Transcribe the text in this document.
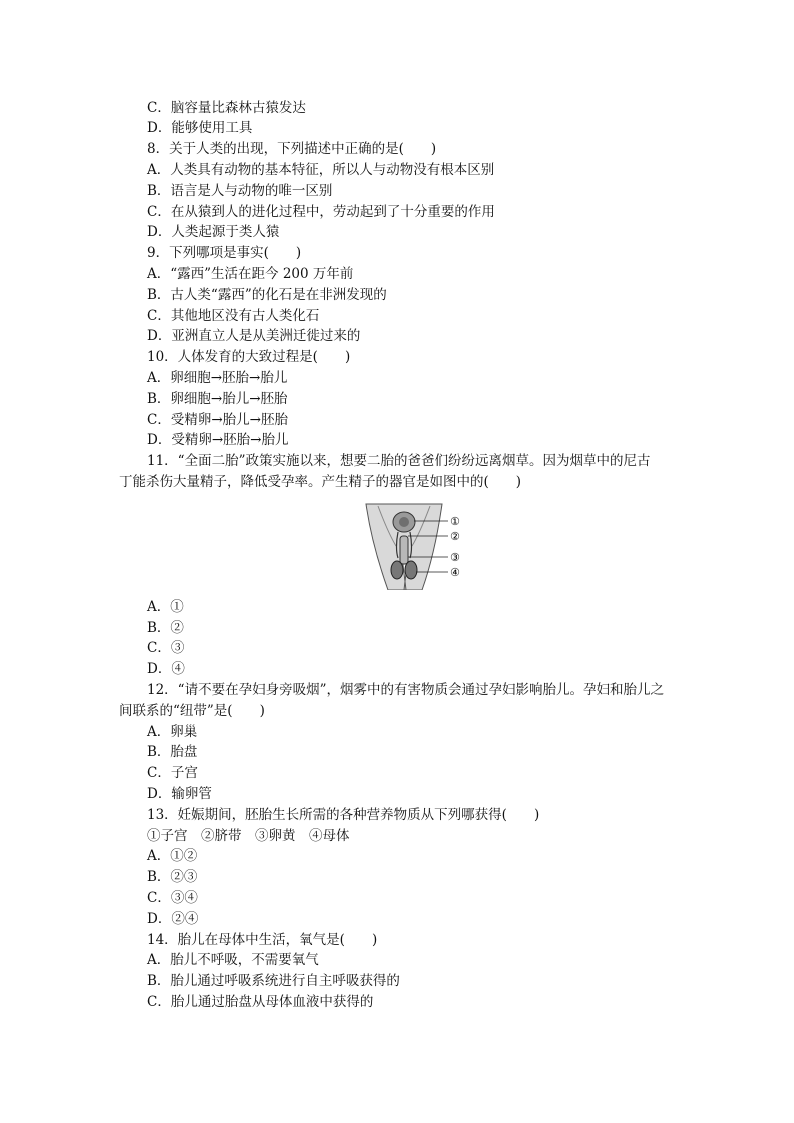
C．脑容量比森林古猿发达
D．能够使用工具
8．关于人类的出现，下列描述中正确的是(　　)
A．人类具有动物的基本特征，所以人与动物没有根本区别
B．语言是人与动物的唯一区别
C．在从猿到人的进化过程中，劳动起到了十分重要的作用
D．人类起源于类人猿
9．下列哪项是事实(　　)
A．“露西”生活在距今 200 万年前
B．古人类“露西”的化石是在非洲发现的
C．其他地区没有古人类化石
D．亚洲直立人是从美洲迁徙过来的
10．人体发育的大致过程是(　　)
A．卵细胞→胚胎→胎儿
B．卵细胞→胎儿→胚胎
C．受精卵→胎儿→胚胎
D．受精卵→胚胎→胎儿
11．“全面二胎”政策实施以来，想要二胎的爸爸们纷纷远离烟草。因为烟草中的尼古
丁能杀伤大量精子，降低受孕率。产生精子的器官是如图中的(　　)
①
②
③
④
A．①
B．②
C．③
D．④
12．“请不要在孕妇身旁吸烟”，烟雾中的有害物质会通过孕妇影响胎儿。孕妇和胎儿之
间联系的“纽带”是(　　)
A．卵巢
B．胎盘
C．子宫
D．输卵管
13．妊娠期间，胚胎生长所需的各种营养物质从下列哪获得(　　)
①子宫　②脐带　③卵黄　④母体
A．①②
B．②③
C．③④
D．②④
14．胎儿在母体中生活，氧气是(　　)
A．胎儿不呼吸，不需要氧气
B．胎儿通过呼吸系统进行自主呼吸获得的
C．胎儿通过胎盘从母体血液中获得的
